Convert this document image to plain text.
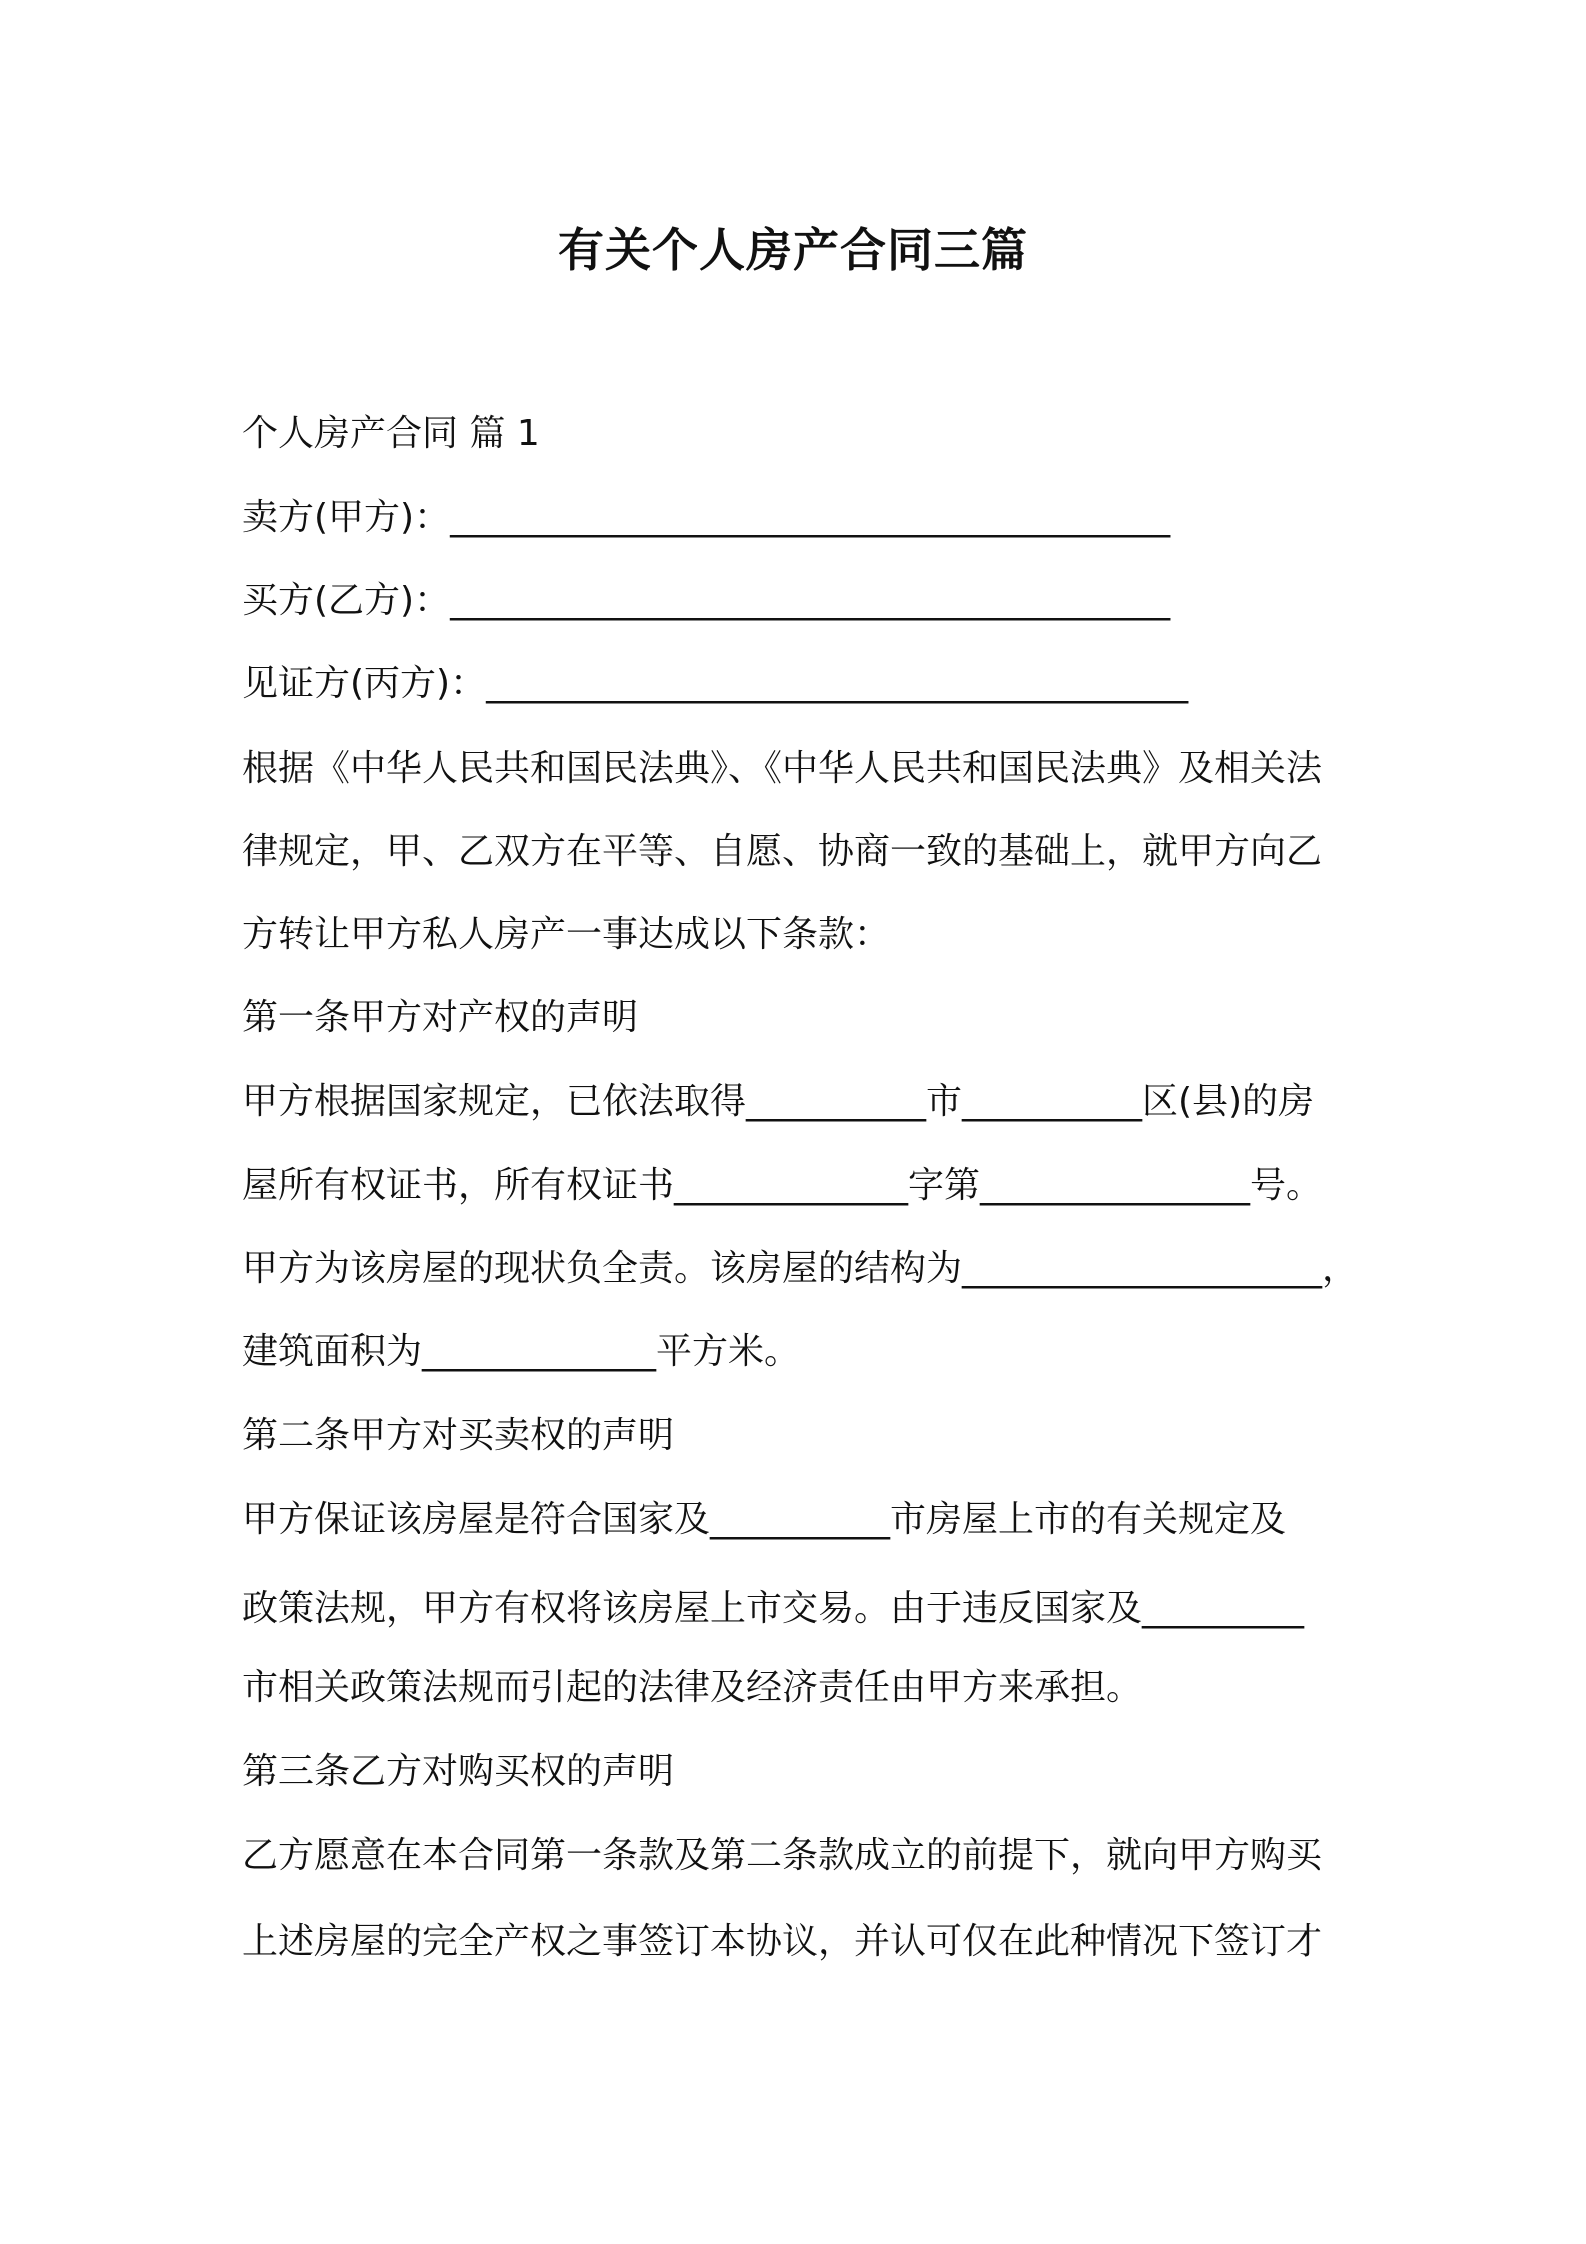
有关个人房产合同三篇
个人房产合同 篇 1
卖方(甲方)：________________________________________
买方(乙方)：________________________________________
见证方(丙方)：_______________________________________
根据《中华人民共和国民法典》、《中华人民共和国民法典》及相关法
律规定，甲、乙双方在平等、自愿、协商一致的基础上，就甲方向乙
方转让甲方私人房产一事达成以下条款：
第一条甲方对产权的声明
甲方根据国家规定，已依法取得__________市__________区(县)的房
屋所有权证书，所有权证书_____________字第_______________号。
甲方为该房屋的现状负全责。该房屋的结构为____________________，
建筑面积为_____________平方米。
第二条甲方对买卖权的声明
甲方保证该房屋是符合国家及__________市房屋上市的有关规定及
政策法规，甲方有权将该房屋上市交易。由于违反国家及_________
市相关政策法规而引起的法律及经济责任由甲方来承担。
第三条乙方对购买权的声明
乙方愿意在本合同第一条款及第二条款成立的前提下，就向甲方购买
上述房屋的完全产权之事签订本协议，并认可仅在此种情况下签订才
